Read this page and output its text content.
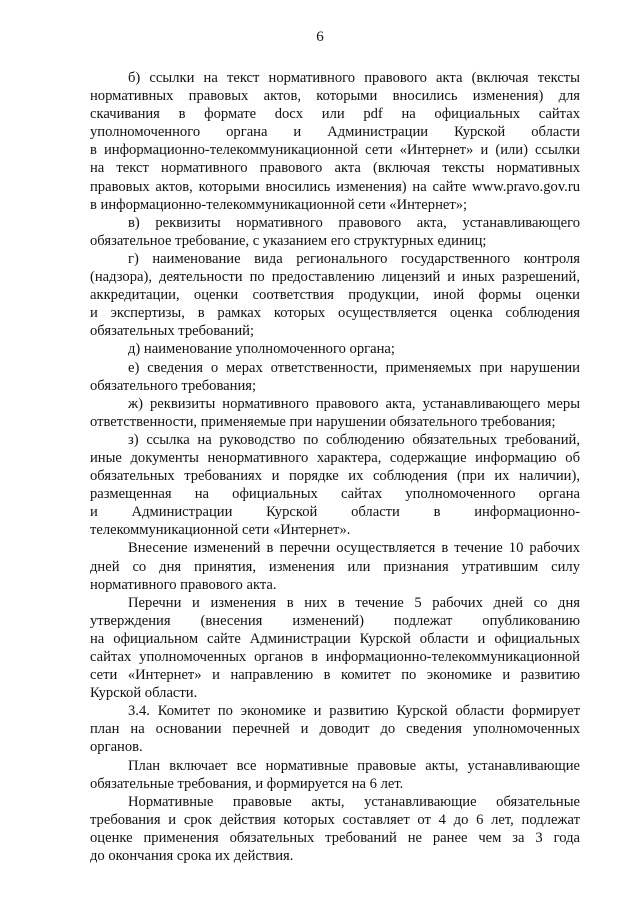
6
б) ссылки на текст нормативного правового акта (включая тексты
нормативных правовых актов, которыми вносились изменения) для
скачивания в формате docx или pdf на официальных сайтах
уполномоченного органа и Администрации Курской области
в информационно-телекоммуникационной сети «Интернет» и (или) ссылки
на текст нормативного правового акта (включая тексты нормативных
правовых актов, которыми вносились изменения) на сайте www.pravo.gov.ru
в информационно-телекоммуникационной сети «Интернет»;
в) реквизиты нормативного правового акта, устанавливающего
обязательное требование, с указанием его структурных единиц;
г) наименование вида регионального государственного контроля
(надзора), деятельности по предоставлению лицензий и иных разрешений,
аккредитации, оценки соответствия продукции, иной формы оценки
и экспертизы, в рамках которых осуществляется оценка соблюдения
обязательных требований;
д) наименование уполномоченного органа;
е) сведения о мерах ответственности, применяемых при нарушении
обязательного требования;
ж) реквизиты нормативного правового акта, устанавливающего меры
ответственности, применяемые при нарушении обязательного требования;
з) ссылка на руководство по соблюдению обязательных требований,
иные документы ненормативного характера, содержащие информацию об
обязательных требованиях и порядке их соблюдения (при их наличии),
размещенная на официальных сайтах уполномоченного органа
и Администрации Курской области в информационно-
телекоммуникационной сети «Интернет».
Внесение изменений в перечни осуществляется в течение 10 рабочих
дней со дня принятия, изменения или признания утратившим силу
нормативного правового акта.
Перечни и изменения в них в течение 5 рабочих дней со дня
утверждения (внесения изменений) подлежат опубликованию
на официальном сайте Администрации Курской области и официальных
сайтах уполномоченных органов в информационно-телекоммуникационной
сети «Интернет» и направлению в комитет по экономике и развитию
Курской области.
3.4. Комитет по экономике и развитию Курской области формирует
план на основании перечней и доводит до сведения уполномоченных
органов.
План включает все нормативные правовые акты, устанавливающие
обязательные требования, и формируется на 6 лет.
Нормативные правовые акты, устанавливающие обязательные
требования и срок действия которых составляет от 4 до 6 лет, подлежат
оценке применения обязательных требований не ранее чем за 3 года
до окончания срока их действия.
